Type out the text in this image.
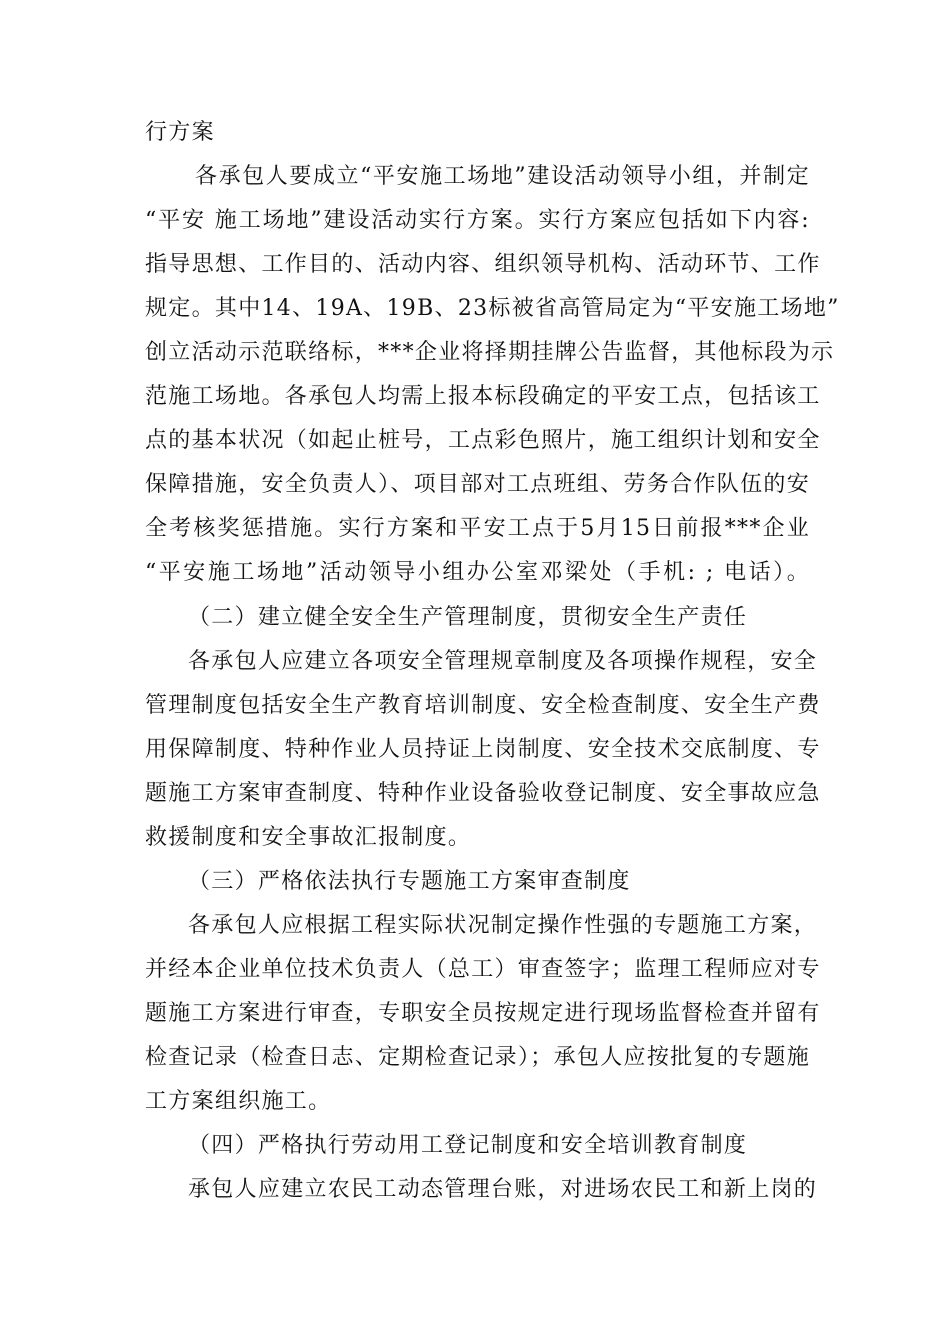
行方案
各承包人要成立“平安施工场地”建设活动领导小组，并制定
“平安 施工场地”建设活动实行方案。实行方案应包括如下内容:
指导思想、工作目的、活动内容、组织领导机构、活动环节、工作
规定。其中14、19A、19B、23标被省高管局定为“平安施工场地”
创立活动示范联络标，***企业将择期挂牌公告监督，其他标段为示
范施工场地。各承包人均需上报本标段确定的平安工点，包括该工
点的基本状况（如起止桩号，工点彩色照片，施工组织计划和安全
保障措施，安全负责人）、项目部对工点班组、劳务合作队伍的安
全考核奖惩措施。实行方案和平安工点于5月15日前报***企业
“平安施工场地”活动领导小组办公室邓梁处（手机: ; 电话）。
（二）建立健全安全生产管理制度，贯彻安全生产责任
各承包人应建立各项安全管理规章制度及各项操作规程，安全
管理制度包括安全生产教育培训制度、安全检查制度、安全生产费
用保障制度、特种作业人员持证上岗制度、安全技术交底制度、专
题施工方案审查制度、特种作业设备验收登记制度、安全事故应急
救援制度和安全事故汇报制度。
（三）严格依法执行专题施工方案审查制度
各承包人应根据工程实际状况制定操作性强的专题施工方案，
并经本企业单位技术负责人（总工）审查签字；监理工程师应对专
题施工方案进行审查，专职安全员按规定进行现场监督检查并留有
检查记录（检查日志、定期检查记录）；承包人应按批复的专题施
工方案组织施工。
（四）严格执行劳动用工登记制度和安全培训教育制度
承包人应建立农民工动态管理台账，对进场农民工和新上岗的
